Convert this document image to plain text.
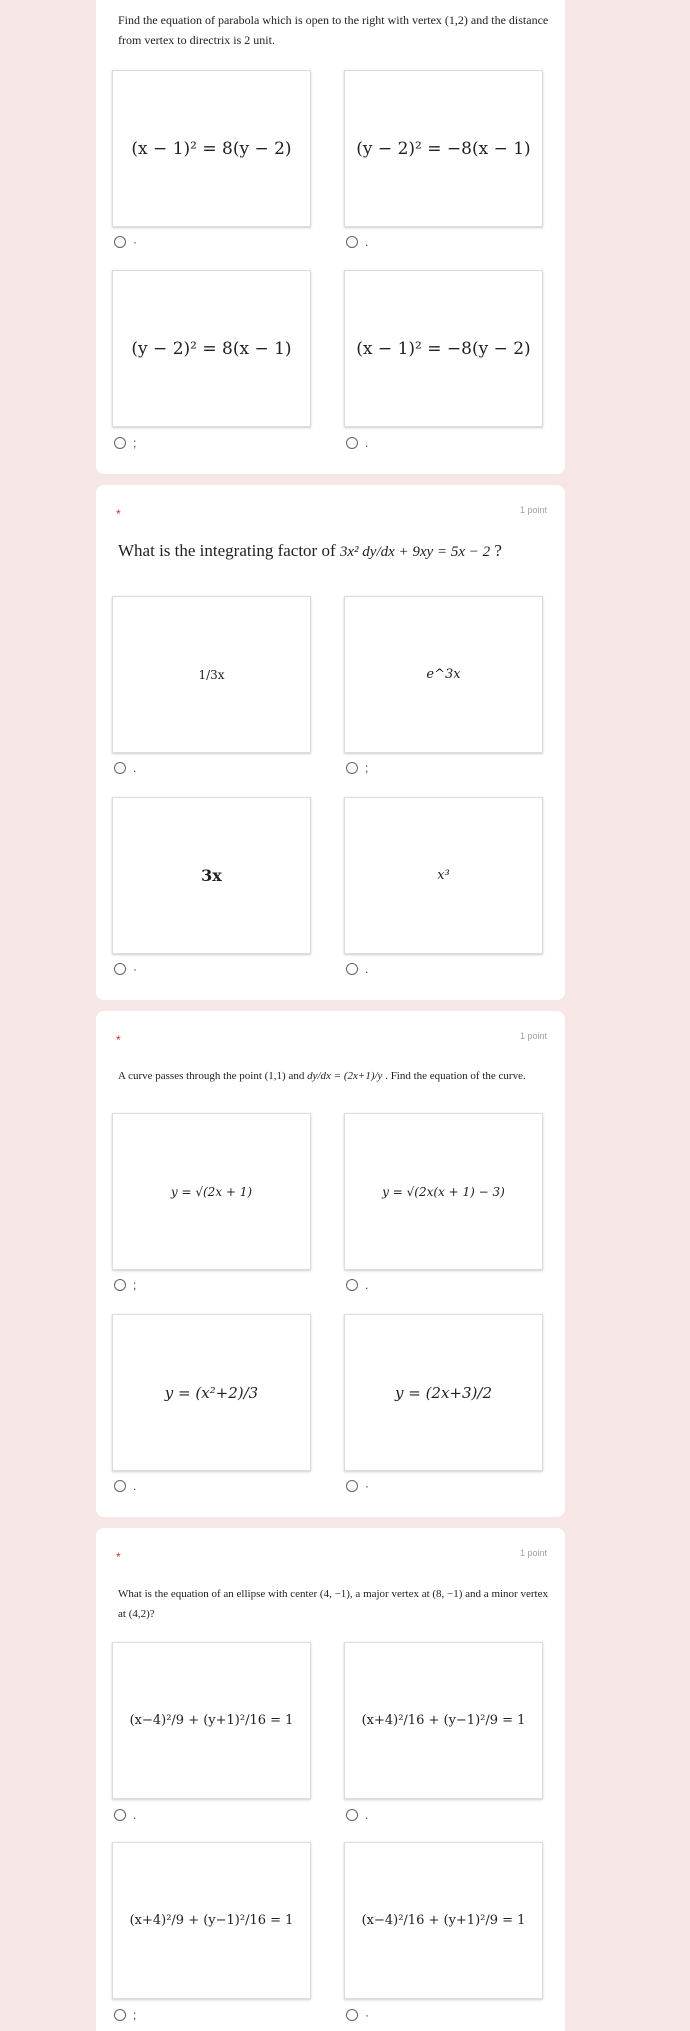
Find the equation of parabola which is open to the right with vertex (1,2) and the distance from vertex to directrix is 2 unit.
(x − 1)² = 8(y − 2)	(y − 2)² = −8(x − 1)
·	.
(y − 2)² = 8(x − 1)	(x − 1)² = −8(y − 2)
;	.
*	1 point
What is the integrating factor of 3x² dy/dx + 9xy = 5x − 2 ?
1/3x	e^3x
.	;
3x	x³
·	.
*	1 point
A curve passes through the point (1,1) and dy/dx = (2x+1)/y . Find the equation of the curve.
y = √(2x + 1)	y = √(2x(x + 1) − 3)
;	.
y = (x²+2)/3	y = (2x+3)/2
.	·
*	1 point
What is the equation of an ellipse with center (4, −1), a major vertex at (8, −1) and a minor vertex at (4,2)?
(x−4)²/9 + (y+1)²/16 = 1	(x+4)²/16 + (y−1)²/9 = 1
.	.
(x+4)²/9 + (y−1)²/16 = 1	(x−4)²/16 + (y+1)²/9 = 1
;	·
